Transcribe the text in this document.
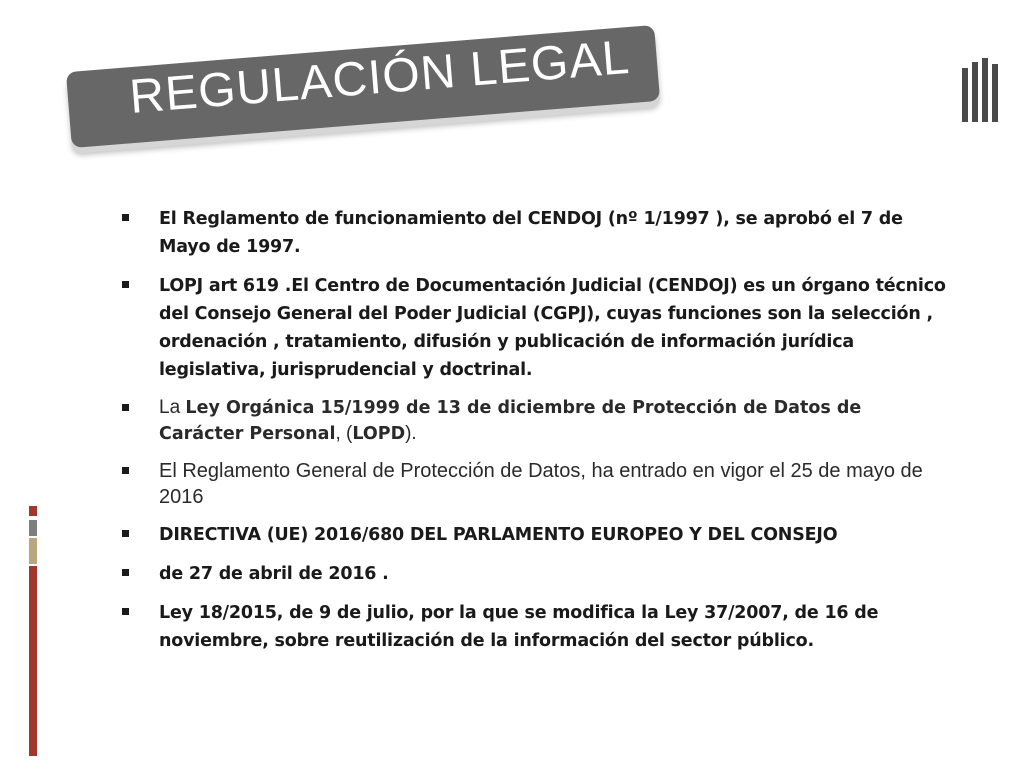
REGULACIÓN LEGAL
El Reglamento de funcionamiento del CENDOJ (nº 1/1997 ), se aprobó el 7 de Mayo de 1997.
LOPJ art 619 .El Centro de Documentación Judicial (CENDOJ) es un órgano técnico del Consejo General del Poder Judicial (CGPJ), cuyas funciones son la selección , ordenación , tratamiento, difusión y publicación de información jurídica legislativa, jurisprudencial y doctrinal.
La Ley Orgánica 15/1999 de 13 de diciembre de Protección de Datos de Carácter Personal, (LOPD).
El Reglamento General de Protección de Datos, ha entrado en vigor el 25 de mayo de 2016
DIRECTIVA (UE) 2016/680 DEL PARLAMENTO EUROPEO Y DEL CONSEJO
de 27 de abril de 2016 .
Ley 18/2015, de 9 de julio, por la que se modifica la Ley 37/2007, de 16 de noviembre, sobre reutilización de la información del sector público.
